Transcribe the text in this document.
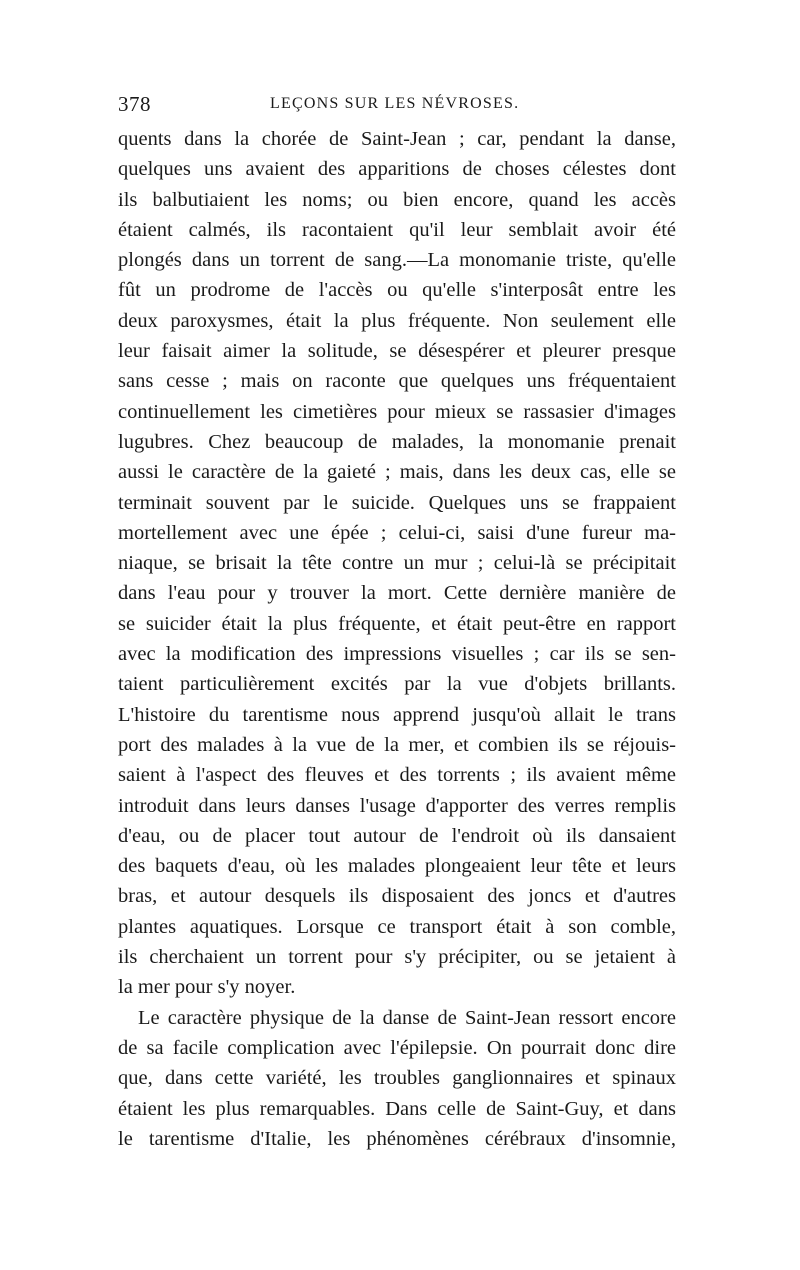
378	LEÇONS SUR LES NÉVROSES.
quents dans la chorée de Saint-Jean ; car, pendant la danse,
quelques uns avaient des apparitions de choses célestes dont
ils balbutiaient les noms; ou bien encore, quand les accès
étaient calmés, ils racontaient qu'il leur semblait avoir été
plongés dans un torrent de sang.—La monomanie triste, qu'elle
fût un prodrome de l'accès ou qu'elle s'interposât entre les
deux paroxysmes, était la plus fréquente. Non seulement elle
leur faisait aimer la solitude, se désespérer et pleurer presque
sans cesse ; mais on raconte que quelques uns fréquentaient
continuellement les cimetières pour mieux se rassasier d'images
lugubres. Chez beaucoup de malades, la monomanie prenait
aussi le caractère de la gaieté ; mais, dans les deux cas, elle se
terminait souvent par le suicide. Quelques uns se frappaient
mortellement avec une épée ; celui-ci, saisi d'une fureur ma-
niaque, se brisait la tête contre un mur ; celui-là se précipitait
dans l'eau pour y trouver la mort. Cette dernière manière de
se suicider était la plus fréquente, et était peut-être en rapport
avec la modification des impressions visuelles ; car ils se sen-
taient particulièrement excités par la vue d'objets brillants.
L'histoire du tarentisme nous apprend jusqu'où allait le trans
port des malades à la vue de la mer, et combien ils se réjouis-
saient à l'aspect des fleuves et des torrents ; ils avaient même
introduit dans leurs danses l'usage d'apporter des verres remplis
d'eau, ou de placer tout autour de l'endroit où ils dansaient
des baquets d'eau, où les malades plongeaient leur tête et leurs
bras, et autour desquels ils disposaient des joncs et d'autres
plantes aquatiques. Lorsque ce transport était à son comble,
ils cherchaient un torrent pour s'y précipiter, ou se jetaient à
la mer pour s'y noyer.
Le caractère physique de la danse de Saint-Jean ressort encore
de sa facile complication avec l'épilepsie. On pourrait donc dire
que, dans cette variété, les troubles ganglionnaires et spinaux
étaient les plus remarquables. Dans celle de Saint-Guy, et dans
le tarentisme d'Italie, les phénomènes cérébraux d'insomnie,
